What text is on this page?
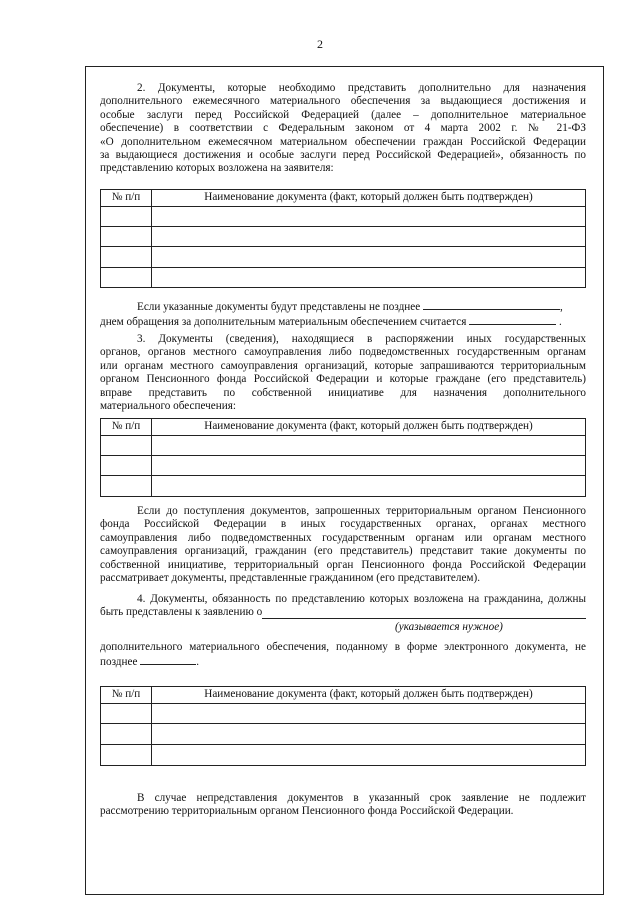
2
2. Документы, которые необходимо представить дополнительно для назначения
дополнительного ежемесячного материального обеспечения за выдающиеся достижения и
особые заслуги перед Российской Федерацией (далее – дополнительное материальное
обеспечение) в соответствии с Федеральным законом от 4 марта 2002 г. № 21-ФЗ
«О дополнительном ежемесячном материальном обеспечении граждан Российской Федерации
за выдающиеся достижения и особые заслуги перед Российской Федерацией», обязанность по
представлению которых возложена на заявителя:
№ п/п	Наименование документа (факт, который должен быть подтвержден)

Если указанные документы будут представлены не позднее	,
днем обращения за дополнительным материальным обеспечением считается	.
3. Документы (сведения), находящиеся в распоряжении иных государственных
органов, органов местного самоуправления либо подведомственных государственным органам
или органам местного самоуправления организаций, которые запрашиваются территориальным
органом Пенсионного фонда Российской Федерации и которые граждане (его представитель)
вправе представить по собственной инициативе для назначения дополнительного
материального обеспечения:
№ п/п	Наименование документа (факт, который должен быть подтвержден)

Если до поступления документов, запрошенных территориальным органом Пенсионного
фонда Российской Федерации в иных государственных органах, органах местного
самоуправления либо подведомственных государственным органам или органам местного
самоуправления организаций, гражданин (его представитель) представит такие документы по
собственной инициативе, территориальный орган Пенсионного фонда Российской Федерации
рассматривает документы, представленные гражданином (его представителем).
4. Документы, обязанность по представлению которых возложена на гражданина, должны
быть представлены к заявлению о
(указывается нужное)
дополнительного материального обеспечения, поданному в форме электронного документа, не
позднее	.
№ п/п	Наименование документа (факт, который должен быть подтвержден)

В случае непредставления документов в указанный срок заявление не подлежит
рассмотрению территориальным органом Пенсионного фонда Российской Федерации.
